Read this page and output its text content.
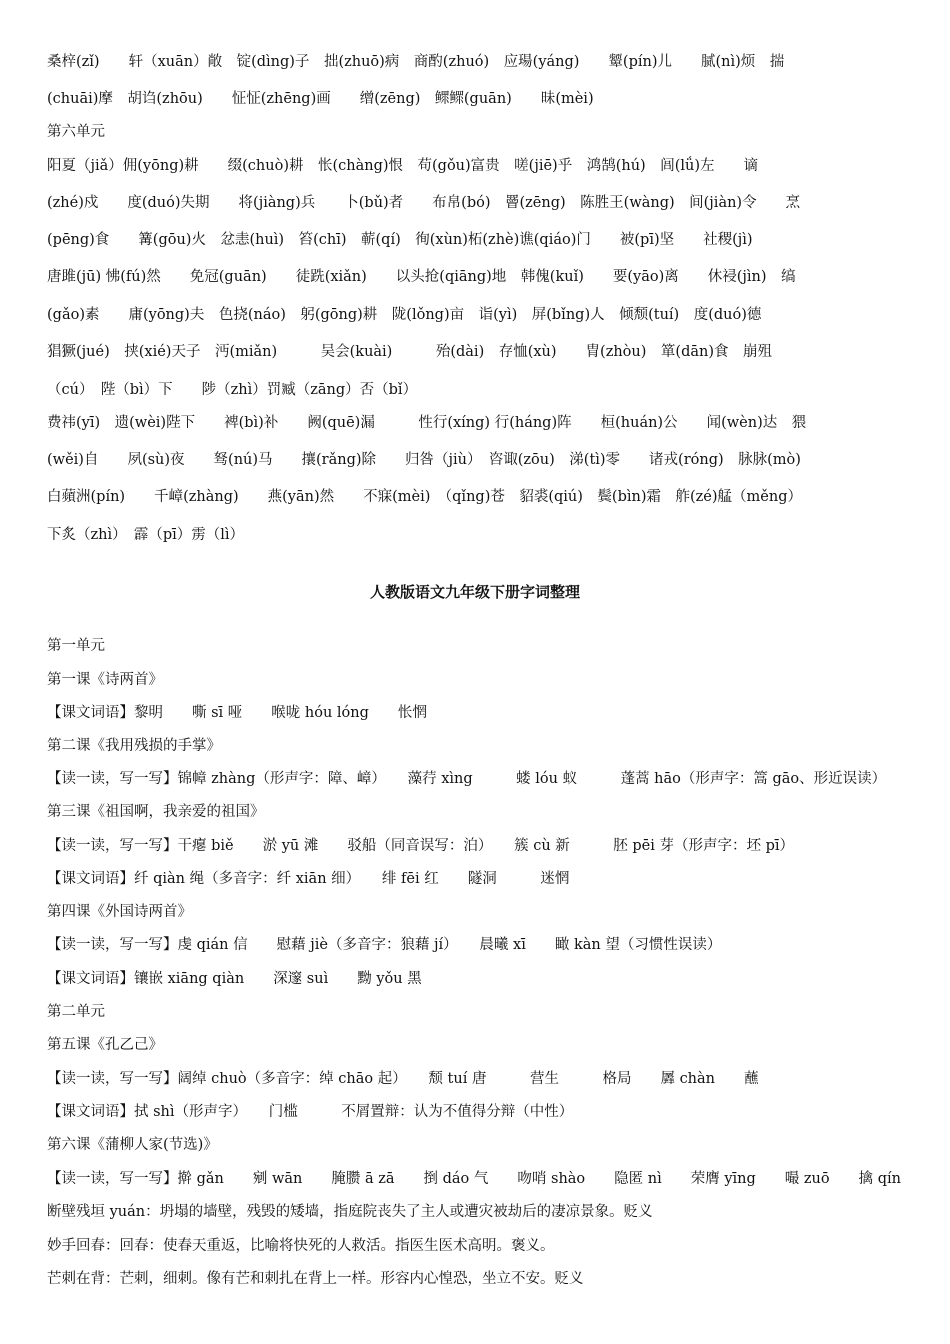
桑梓(zǐ)　　轩（xuān）敞　锭(dìng)子　拙(zhuō)病　商酌(zhuó)　应瑒(yáng)　　颦(pín)儿　　腻(nì)烦　揣
(chuāi)摩　胡诌(zhōu)　　怔怔(zhēng)画　　缯(zēng)　鳏鳏(guān)　　昧(mèi)
第六单元
阳夏（jiǎ）佣(yōng)耕　　缀(chuò)耕　怅(chàng)恨　苟(gǒu)富贵　嗟(jiē)乎　鸿鹄(hú)　闾(lǘ)左　　谪
(zhé)戍　　度(duó)失期　　将(jiàng)兵　　卜(bǔ)者　　布帛(bó)　罾(zēng)　陈胜王(wàng)　间(jiàn)令　　烹
(pēng)食　　篝(gōu)火　忿恚(huì)　笞(chī)　蕲(qí)　徇(xùn)柘(zhè)谯(qiáo)门　　被(pī)坚　　社稷(jì)
唐雎(jū) 怫(fú)然　　免冠(guān)　　徒跣(xiǎn)　　以头抢(qiāng)地　韩傀(kuǐ)　　要(yāo)离　　休祲(jìn)　缟
(gǎo)素　　庸(yōng)夫　色挠(náo)　躬(gōng)耕　陇(lǒng)亩　诣(yì)　屏(bǐng)人　倾颓(tuí)　度(duó)德
猖獗(jué)　挟(xié)天子　沔(miǎn)　　　吴会(kuài)　　　殆(dài)　存恤(xù)　　胄(zhòu)　箪(dān)食　崩殂
（cú）　陛（bì）下　　陟（zhì）罚臧（zāng）否（bǐ）
费祎(yī)　遗(wèi)陛下　　裨(bì)补　　阙(quē)漏　　　性行(xíng) 行(háng)阵　　桓(huán)公　　闻(wèn)达　猥
(wěi)自　　夙(sù)夜　　驽(nú)马　　攘(rǎng)除　　归咎（jiù）　咨诹(zōu)　涕(tì)零　　诸戎(róng)　脉脉(mò)
白蘋洲(pín)　　千嶂(zhàng)　　燕(yān)然　　不寐(mèi)　（qǐng)苍　貂裘(qiú)　鬓(bìn)霜　舴(zé)艋（měng）
下炙（zhì）　霹（pī）雳（lì）
人教版语文九年级下册字词整理
第一单元
第一课《诗两首》
【课文词语】黎明　　嘶 sī 哑　　喉咙 hóu lóng　　怅惘
第二课《我用残损的手掌》
【读一读，写一写】锦幛 zhàng（形声字：障、嶂）　　藻荇 xìng　　　蝼 lóu 蚁　　　蓬蒿 hāo（形声字：篙 gāo、形近误读）
第三课《祖国啊，我亲爱的祖国》
【读一读，写一写】干瘪 biě　　淤 yū 滩　　驳船（同音误写：泊）　　簇 cù 新　　　胚 pēi 芽（形声字：坯 pī）
【课文词语】纤 qiàn 绳（多音字：纤 xiān 细）　　绯 fēi 红　　隧洞　　　迷惘
第四课《外国诗两首》
【读一读，写一写】虔 qián 信　　慰藉 jiè（多音字：狼藉 jí）　　晨曦 xī　　瞰 kàn 望（习惯性误读）
【课文词语】镶嵌 xiāng qiàn　　深邃 suì　　黝 yǒu 黑
第二单元
第五课《孔乙己》
【读一读，写一写】阔绰 chuò（多音字：绰 chāo 起）　　颓 tuí 唐　　　营生　　　格局　　羼 chàn　　蘸
【课文词语】拭 shì（形声字）　　门槛　　　不屑置辩：认为不值得分辩（中性）
第六课《蒲柳人家(节选)》
【读一读，写一写】擀 gǎn　　剜 wān　　腌臜 ā zā　　捯 dáo 气　　吻哨 shào　　隐匿 nì　　荣膺 yīng　　嘬 zuō　　擒 qín
断壁残垣 yuán：坍塌的墙壁，残毁的矮墙，指庭院丧失了主人或遭灾被劫后的凄凉景象。贬义
妙手回春：回春：使春天重返，比喻将快死的人救活。指医生医术高明。褒义。
芒刺在背：芒刺，细刺。像有芒和刺扎在背上一样。形容内心惶恐，坐立不安。贬义
